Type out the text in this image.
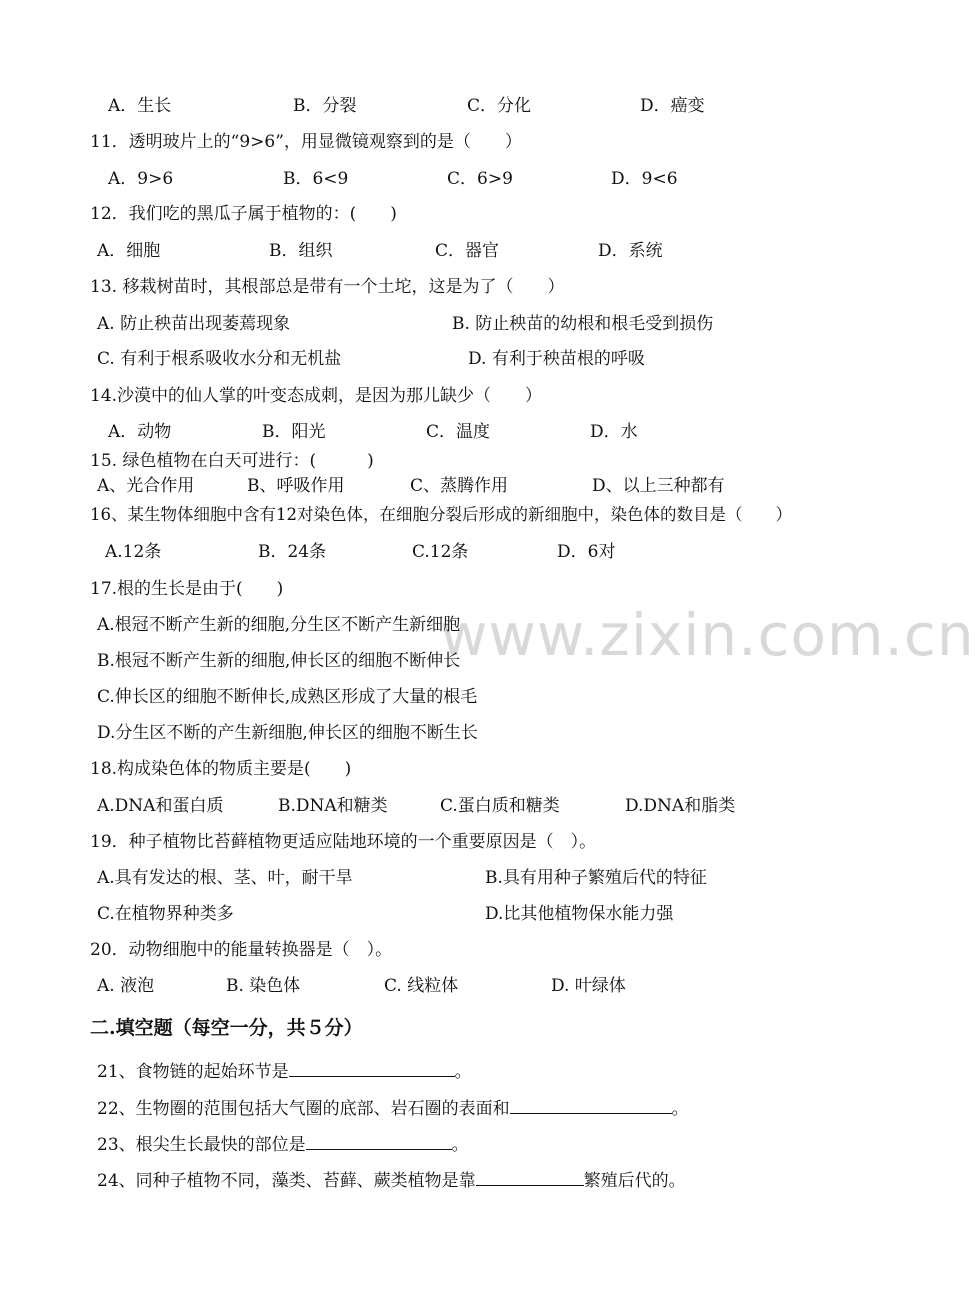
www.zixin.com.cn
A．生长	B．分裂	C．分化	D．癌变
11．透明玻片上的“9>6”，用显微镜观察到的是（　　）
A．9>6	B．6<9	C．6>9	D．9<6
12．我们吃的黑瓜子属于植物的：(　　)
A．细胞	B．组织	C．器官	D．系统
13. 移栽树苗时，其根部总是带有一个土坨，这是为了（　　）
A. 防止秧苗出现萎蔫现象	B. 防止秧苗的幼根和根毛受到损伤
C. 有利于根系吸收水分和无机盐	D. 有利于秧苗根的呼吸
14.沙漠中的仙人掌的叶变态成刺，是因为那儿缺少（　　）
A．动物	B．阳光	C．温度	D．水
15. 绿色植物在白天可进行：(　　　)
A、光合作用	B、呼吸作用	C、蒸腾作用	D、以上三种都有
16、某生物体细胞中含有12对染色体，在细胞分裂后形成的新细胞中，染色体的数目是（　　）
A.12条	B．24条	C.12条	D．6对
17.根的生长是由于(　　)
A.根冠不断产生新的细胞,分生区不断产生新细胞
B.根冠不断产生新的细胞,伸长区的细胞不断伸长
C.伸长区的细胞不断伸长,成熟区形成了大量的根毛
D.分生区不断的产生新细胞,伸长区的细胞不断生长
18.构成染色体的物质主要是(　　)
A.DNA和蛋白质	B.DNA和糖类	C.蛋白质和糖类	D.DNA和脂类
19．种子植物比苔藓植物更适应陆地环境的一个重要原因是（　）。
A.具有发达的根、茎、叶，耐干旱	B.具有用种子繁殖后代的特征
C.在植物界种类多	D.比其他植物保水能力强
20．动物细胞中的能量转换器是（　）。
A. 液泡	B. 染色体	C. 线粒体	D. 叶绿体
二.填空题（每空一分，共５分）
21、食物链的起始环节是	。
22、生物圈的范围包括大气圈的底部、岩石圈的表面和	。
23、根尖生长最快的部位是	。
24、同种子植物不同，藻类、苔藓、蕨类植物是靠	繁殖后代的。
